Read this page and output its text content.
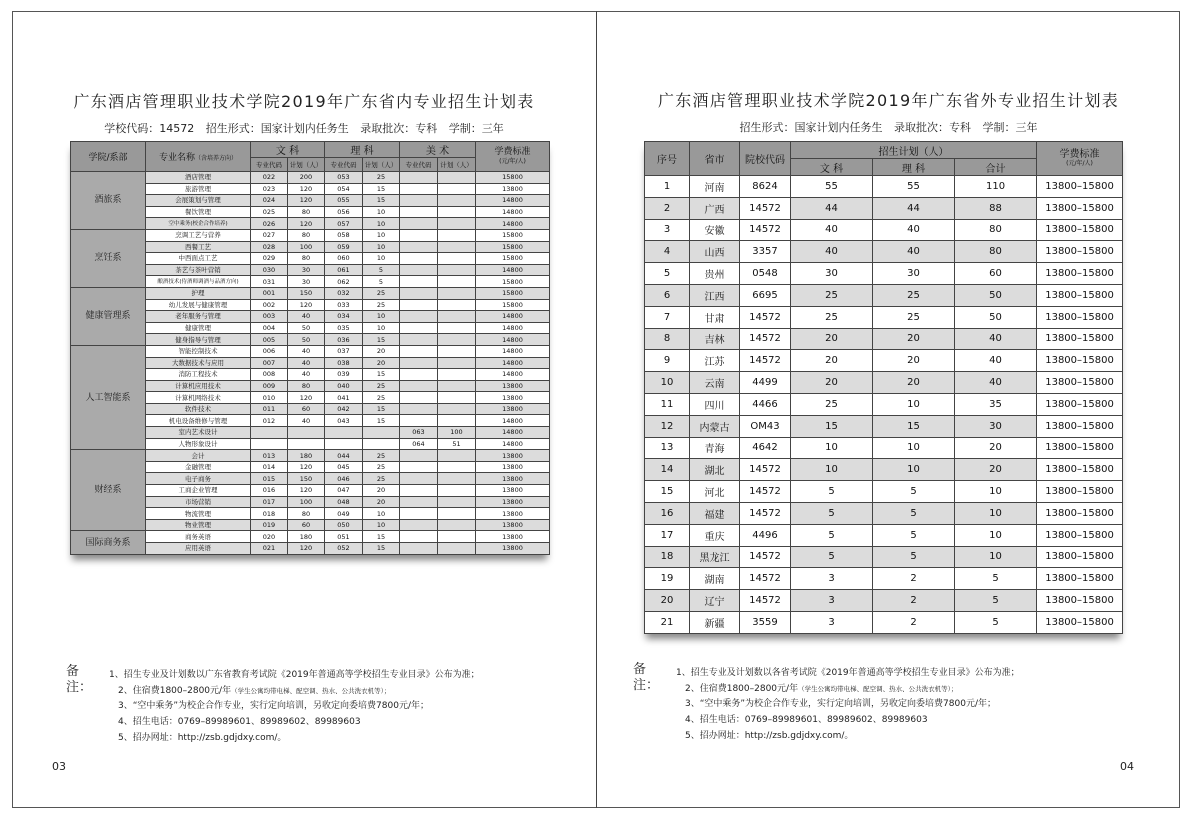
广东酒店管理职业技术学院2019年广东省内专业招生计划表
学校代码：14572 招生形式：国家计划内任务生 录取批次：专科 学制：三年
学院/系部	专业名称（含培养方向）	文 科		理 科		美 术		学费标准
(元/年/人)

		专业代码	计划（人）	专业代码	计划（人）	专业代码	计划（人）	
酒旅系	酒店管理	022	200	053	25			15800
	旅游管理	023	120	054	15			13800
	会展策划与管理	024	120	055	15			14800
	餐饮管理	025	80	056	10			14800
	空中乘务(校企合作培养)	026	120	057	10			14800
烹饪系	烹调工艺与营养	027	80	058	10			15800
	西餐工艺	028	100	059	10			15800
	中西面点工艺	029	80	060	10			15800
	茶艺与茶叶营销	030	30	061	5			14800
	酿酒技术(侍酒师调酒与品酒方向)	031	30	062	5			15800
健康管理系	护理	001	150	032	25			15800
	幼儿发展与健康管理	002	120	033	25			15800
	老年服务与管理	003	40	034	10			14800
	健康管理	004	50	035	10			14800
	健身指导与管理	005	50	036	15			14800
人工智能系	智能控制技术	006	40	037	20			14800
	大数据技术与应用	007	40	038	20			14800
	消防工程技术	008	40	039	15			14800
	计算机应用技术	009	80	040	25			13800
	计算机网络技术	010	120	041	25			13800
	软件技术	011	60	042	15			13800
	机电设备维修与管理	012	40	043	15			14800
	室内艺术设计					063	100	14800
	人物形象设计					064	51	14800
财经系	会计	013	180	044	25			13800
	金融管理	014	120	045	25			13800
	电子商务	015	150	046	25			13800
	工商企业管理	016	120	047	20			13800
	市场营销	017	100	048	20			13800
	物流管理	018	80	049	10			13800
	物业管理	019	60	050	10			13800
国际商务系	商务英语	020	180	051	15			13800
	应用英语	021	120	052	15			13800
备注：
1、招生专业及计划数以广东省教育考试院《2019年普通高等学校招生专业目录》公布为准；
2、住宿费1800–2800元/年（学生公寓均带电梯、配空调、热水、公共洗衣机等）；
3、“空中乘务”为校企合作专业，实行定向培训，另收定向委培费7800元/年；
4、招生电话：0769–89989601、89989602、89989603
5、招办网址：http://zsb.gdjdxy.com/。
03
广东酒店管理职业技术学院2019年广东省外专业招生计划表
招生形式：国家计划内任务生 录取批次：专科 学制：三年
序号	省市	院校代码	招生计划（人）			学费标准
(元/年/人)

			文 科	理 科	合计	
1	河南	8624	55	55	110	13800–15800
2	广西	14572	44	44	88	13800–15800
3	安徽	14572	40	40	80	13800–15800
4	山西	3357	40	40	80	13800–15800
5	贵州	0548	30	30	60	13800–15800
6	江西	6695	25	25	50	13800–15800
7	甘肃	14572	25	25	50	13800–15800
8	吉林	14572	20	20	40	13800–15800
9	江苏	14572	20	20	40	13800–15800
10	云南	4499	20	20	40	13800–15800
11	四川	4466	25	10	35	13800–15800
12	内蒙古	OM43	15	15	30	13800–15800
13	青海	4642	10	10	20	13800–15800
14	湖北	14572	10	10	20	13800–15800
15	河北	14572	5	5	10	13800–15800
16	福建	14572	5	5	10	13800–15800
17	重庆	4496	5	5	10	13800–15800
18	黑龙江	14572	5	5	10	13800–15800
19	湖南	14572	3	2	5	13800–15800
20	辽宁	14572	3	2	5	13800–15800
21	新疆	3559	3	2	5	13800–15800
备注：
1、招生专业及计划数以各省考试院《2019年普通高等学校招生专业目录》公布为准；
2、住宿费1800–2800元/年（学生公寓均带电梯、配空调、热水、公共洗衣机等）；
3、“空中乘务”为校企合作专业，实行定向培训，另收定向委培费7800元/年；
4、招生电话：0769–89989601、89989602、89989603
5、招办网址：http://zsb.gdjdxy.com/。
04
